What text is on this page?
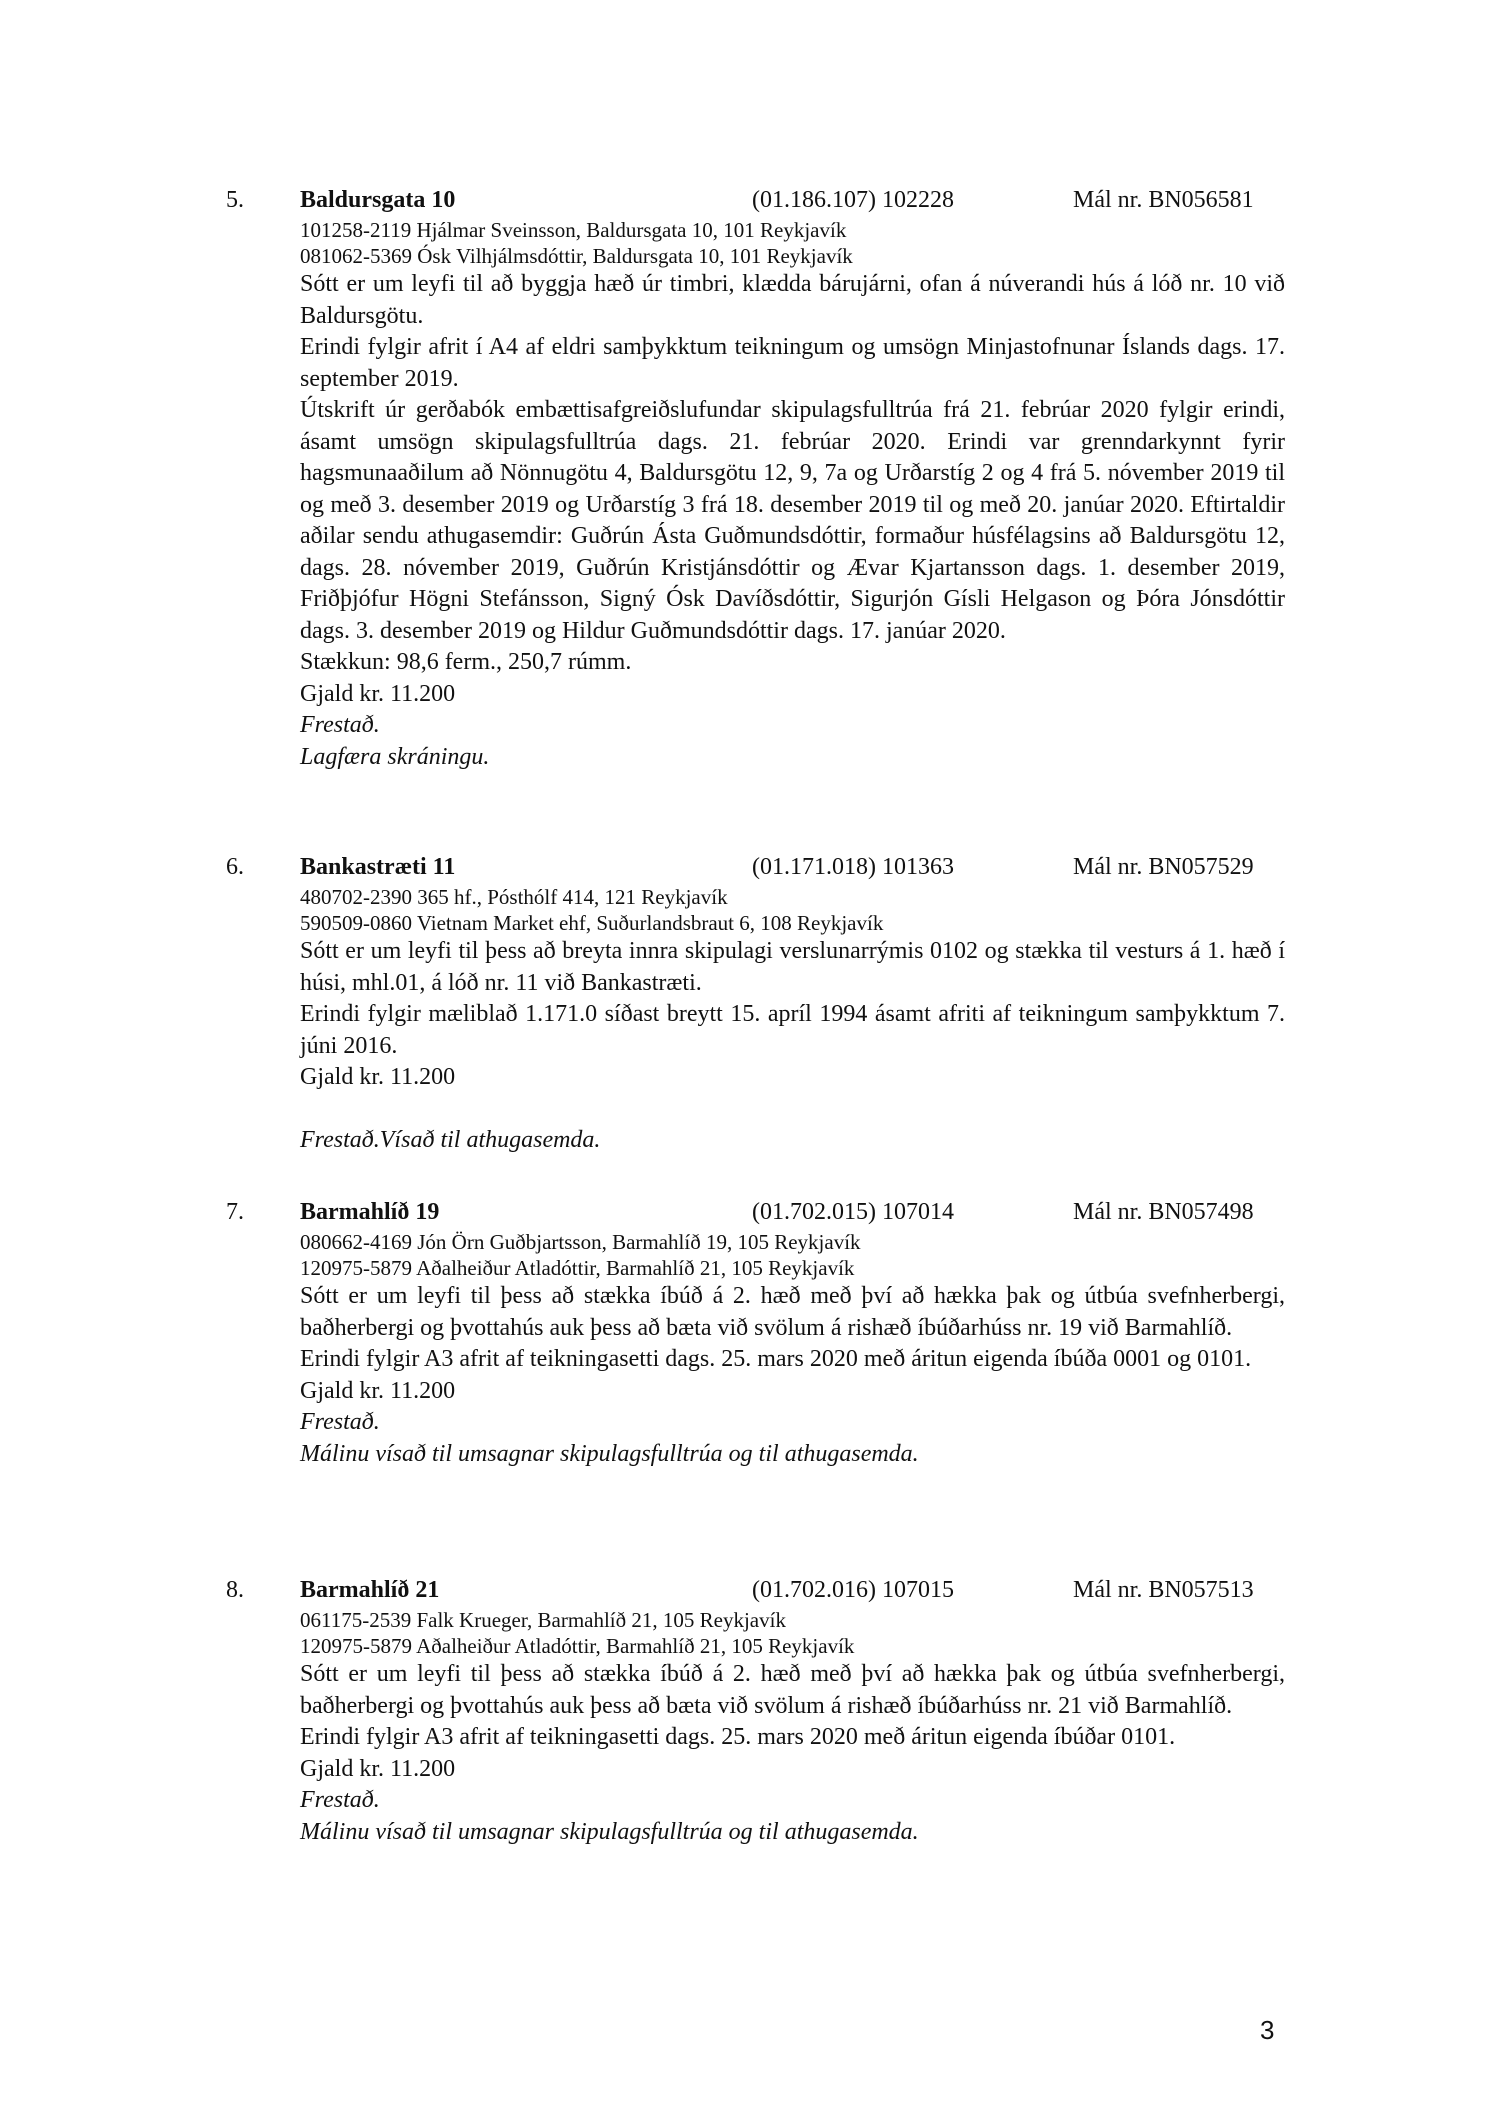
5. Baldursgata 10	(01.186.107) 102228	Mál nr. BN056581
101258-2119 Hjálmar Sveinsson, Baldursgata 10, 101 Reykjavík
081062-5369 Ósk Vilhjálmsdóttir, Baldursgata 10, 101 Reykjavík
Sótt er um leyfi til að byggja hæð úr timbri, klædda bárujárni, ofan á núverandi hús á lóð nr. 10 við Baldursgötu.
Erindi fylgir afrit í A4 af eldri samþykktum teikningum og umsögn Minjastofnunar Íslands dags. 17. september 2019.
Útskrift úr gerðabók embættisafgreiðslufundar skipulagsfulltrúa frá 21. febrúar 2020 fylgir erindi, ásamt umsögn skipulagsfulltrúa dags. 21. febrúar 2020. Erindi var grenndarkynnt fyrir hagsmunaaðilum að Nönnugötu 4, Baldursgötu 12, 9, 7a og Urðarstíg 2 og 4 frá 5. nóvember 2019 til og með 3. desember 2019 og Urðarstíg 3 frá 18. desember 2019 til og með 20. janúar 2020. Eftirtaldir aðilar sendu athugasemdir: Guðrún Ásta Guðmundsdóttir, formaður húsfélagsins að Baldursgötu 12, dags. 28. nóvember 2019, Guðrún Kristjánsdóttir og Ævar Kjartansson dags. 1. desember 2019, Friðþjófur Högni Stefánsson, Signý Ósk Davíðsdóttir, Sigurjón Gísli Helgason og Þóra Jónsdóttir dags. 3. desember 2019 og Hildur Guðmundsdóttir dags. 17. janúar 2020.
Stækkun: 98,6 ferm., 250,7 rúmm.
Gjald kr. 11.200
Frestað.
Lagfæra skráningu.
6. Bankastræti 11	(01.171.018) 101363	Mál nr. BN057529
480702-2390 365 hf., Pósthólf 414, 121 Reykjavík
590509-0860 Vietnam Market ehf, Suðurlandsbraut 6, 108 Reykjavík
Sótt er um leyfi til þess að breyta innra skipulagi verslunarrýmis 0102 og stækka til vesturs á 1. hæð í húsi, mhl.01, á lóð nr. 11 við Bankastræti.
Erindi fylgir mæliblað 1.171.0 síðast breytt 15. apríl 1994 ásamt afriti af teikningum samþykktum 7. júni 2016.
Gjald kr. 11.200
Frestað.Vísað til athugasemda.
7. Barmahlíð 19	(01.702.015) 107014	Mál nr. BN057498
080662-4169 Jón Örn Guðbjartsson, Barmahlíð 19, 105 Reykjavík
120975-5879 Aðalheiður Atladóttir, Barmahlíð 21, 105 Reykjavík
Sótt er um leyfi til þess að stækka íbúð á 2. hæð með því að hækka þak og útbúa svefnherbergi, baðherbergi og þvottahús auk þess að bæta við svölum á rishæð íbúðarhúss nr. 19 við Barmahlíð.
Erindi fylgir A3 afrit af teikningasetti dags. 25. mars 2020 með áritun eigenda íbúða 0001 og 0101.
Gjald kr. 11.200
Frestað.
Málinu vísað til umsagnar skipulagsfulltrúa og til athugasemda.
8. Barmahlíð 21	(01.702.016) 107015	Mál nr. BN057513
061175-2539 Falk Krueger, Barmahlíð 21, 105 Reykjavík
120975-5879 Aðalheiður Atladóttir, Barmahlíð 21, 105 Reykjavík
Sótt er um leyfi til þess að stækka íbúð á 2. hæð með því að hækka þak og útbúa svefnherbergi, baðherbergi og þvottahús auk þess að bæta við svölum á rishæð íbúðarhúss nr. 21 við Barmahlíð.
Erindi fylgir A3 afrit af teikningasetti dags. 25. mars 2020 með áritun eigenda íbúðar 0101.
Gjald kr. 11.200
Frestað.
Málinu vísað til umsagnar skipulagsfulltrúa og til athugasemda.
3
